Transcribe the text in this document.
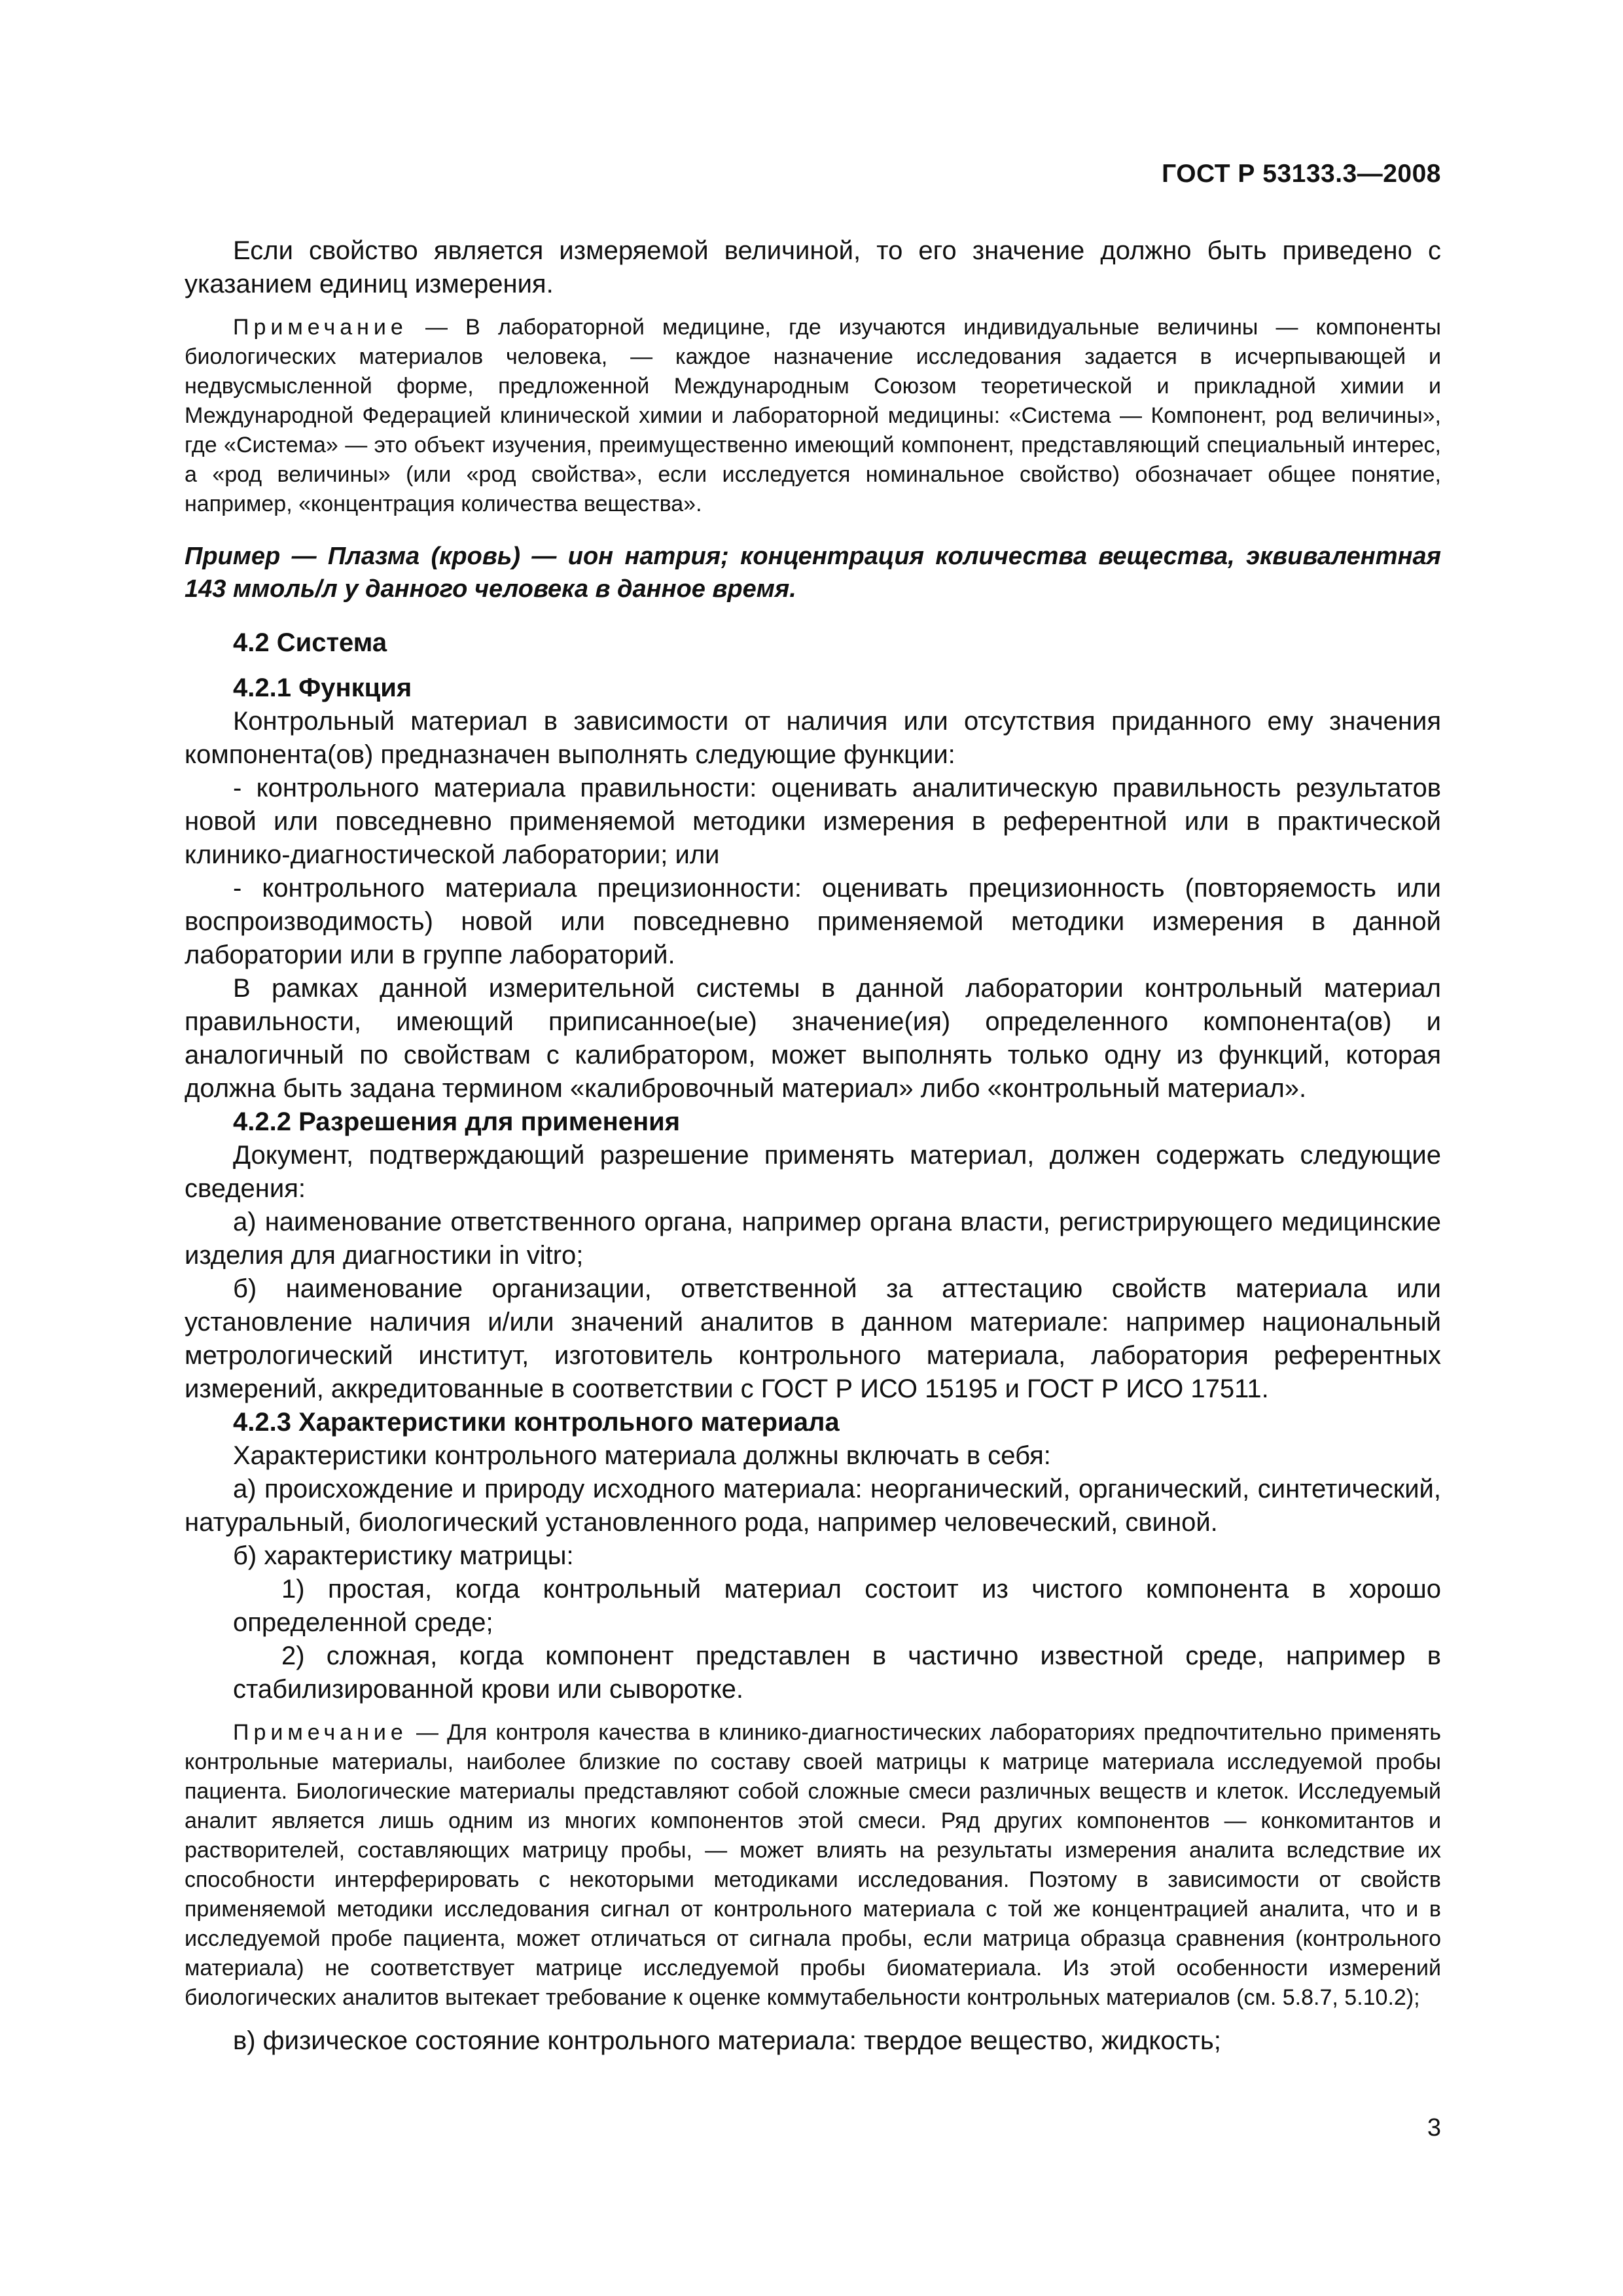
ГОСТ Р 53133.3—2008

Если свойство является измеряемой величиной, то его значение должно быть приведено с указанием единиц измерения.

Примечание — В лабораторной медицине, где изучаются индивидуальные величины — компоненты биологических материалов человека, — каждое назначение исследования задается в исчерпывающей и недвусмысленной форме, предложенной Международным Союзом теоретической и прикладной химии и Международной Федерацией клинической химии и лабораторной медицины: «Система — Компонент, род величины», где «Система» — это объект изучения, преимущественно имеющий компонент, представляющий специальный интерес, а «род величины» (или «род свойства», если исследуется номинальное свойство) обозначает общее понятие, например, «концентрация количества вещества».

Пример — Плазма (кровь) — ион натрия; концентрация количества вещества, эквивалентная 143 ммоль/л у данного человека в данное время.

4.2 Система

4.2.1 Функция

Контрольный материал в зависимости от наличия или отсутствия приданного ему значения компонента(ов) предназначен выполнять следующие функции:

- контрольного материала правильности: оценивать аналитическую правильность результатов новой или повседневно применяемой методики измерения в референтной или в практической клинико-диагностической лаборатории; или

- контрольного материала прецизионности: оценивать прецизионность (повторяемость или воспроизводимость) новой или повседневно применяемой методики измерения в данной лаборатории или в группе лабораторий.

В рамках данной измерительной системы в данной лаборатории контрольный материал правильности, имеющий приписанное(ые) значение(ия) определенного компонента(ов) и аналогичный по свойствам с калибратором, может выполнять только одну из функций, которая должна быть задана термином «калибровочный материал» либо «контрольный материал».

4.2.2 Разрешения для применения

Документ, подтверждающий разрешение применять материал, должен содержать следующие сведения:

а) наименование ответственного органа, например органа власти, регистрирующего медицинские изделия для диагностики in vitro;

б) наименование организации, ответственной за аттестацию свойств материала или установление наличия и/или значений аналитов в данном материале: например национальный метрологический институт, изготовитель контрольного материала, лаборатория референтных измерений, аккредитованные в соответствии с ГОСТ Р ИСО 15195 и ГОСТ Р ИСО 17511.

4.2.3 Характеристики контрольного материала

Характеристики контрольного материала должны включать в себя:

а) происхождение и природу исходного материала: неорганический, органический, синтетический, натуральный, биологический установленного рода, например человеческий, свиной.

б) характеристику матрицы:

1) простая, когда контрольный материал состоит из чистого компонента в хорошо определенной среде;

2) сложная, когда компонент представлен в частично известной среде, например в стабилизированной крови или сыворотке.

Примечание — Для контроля качества в клинико-диагностических лабораториях предпочтительно применять контрольные материалы, наиболее близкие по составу своей матрицы к матрице материала исследуемой пробы пациента. Биологические материалы представляют собой сложные смеси различных веществ и клеток. Исследуемый аналит является лишь одним из многих компонентов этой смеси. Ряд других компонентов — конкомитантов и растворителей, составляющих матрицу пробы, — может влиять на результаты измерения аналита вследствие их способности интерферировать с некоторыми методиками исследования. Поэтому в зависимости от свойств применяемой методики исследования сигнал от контрольного материала с той же концентрацией аналита, что и в исследуемой пробе пациента, может отличаться от сигнала пробы, если матрица образца сравнения (контрольного материала) не соответствует матрице исследуемой пробы биоматериала. Из этой особенности измерений биологических аналитов вытекает требование к оценке коммутабельности контрольных материалов (см. 5.8.7, 5.10.2);

в) физическое состояние контрольного материала: твердое вещество, жидкость;

3
